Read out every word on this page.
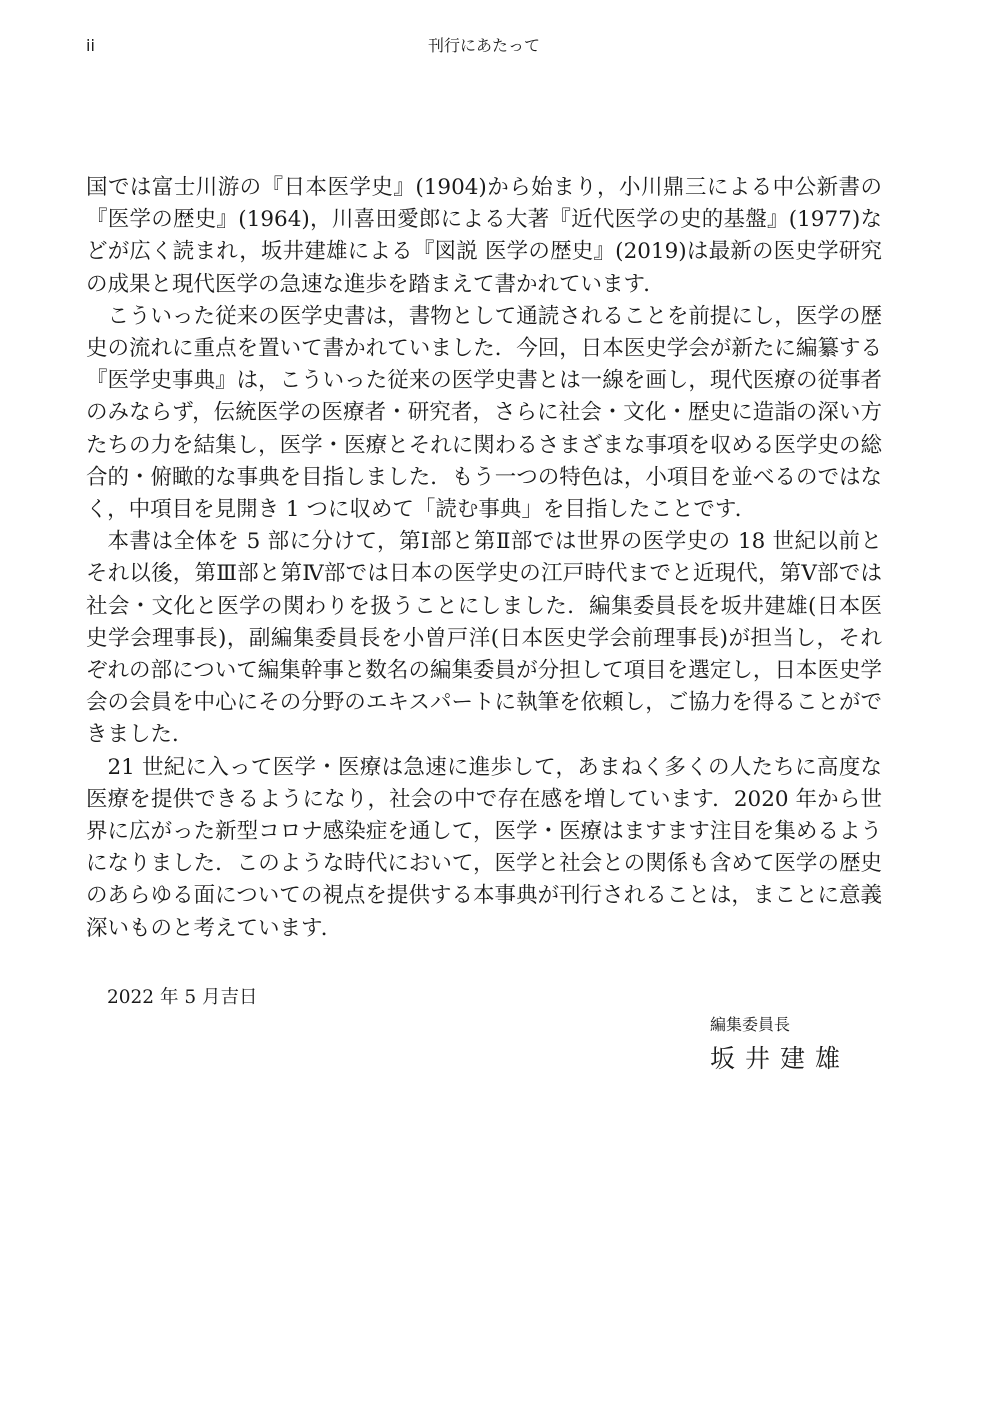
ii	刊行にあたって

国では富士川游の『日本医学史』(1904)から始まり，小川鼎三による中公新書の『医学の歴史』(1964)，川喜田愛郎による大著『近代医学の史的基盤』(1977)などが広く読まれ，坂井建雄による『図説 医学の歴史』(2019)は最新の医史学研究の成果と現代医学の急速な進歩を踏まえて書かれています．

こういった従来の医学史書は，書物として通読されることを前提にし，医学の歴史の流れに重点を置いて書かれていました．今回，日本医史学会が新たに編纂する『医学史事典』は，こういった従来の医学史書とは一線を画し，現代医療の従事者のみならず，伝統医学の医療者・研究者，さらに社会・文化・歴史に造詣の深い方たちの力を結集し，医学・医療とそれに関わるさまざまな事項を収める医学史の総合的・俯瞰的な事典を目指しました．もう一つの特色は，小項目を並べるのではなく，中項目を見開き 1 つに収めて「読む事典」を目指したことです．

本書は全体を 5 部に分けて，第Ⅰ部と第Ⅱ部では世界の医学史の 18 世紀以前とそれ以後，第Ⅲ部と第Ⅳ部では日本の医学史の江戸時代までと近現代，第Ⅴ部では社会・文化と医学の関わりを扱うことにしました．編集委員長を坂井建雄(日本医史学会理事長)，副編集委員長を小曽戸洋(日本医史学会前理事長)が担当し，それぞれの部について編集幹事と数名の編集委員が分担して項目を選定し，日本医史学会の会員を中心にその分野のエキスパートに執筆を依頼し，ご協力を得ることができました．

21 世紀に入って医学・医療は急速に進歩して，あまねく多くの人たちに高度な医療を提供できるようになり，社会の中で存在感を増しています．2020 年から世界に広がった新型コロナ感染症を通して，医学・医療はますます注目を集めるようになりました．このような時代において，医学と社会との関係も含めて医学の歴史のあらゆる面についての視点を提供する本事典が刊行されることは，まことに意義深いものと考えています．

2022 年 5 月吉日

編集委員長

坂井建雄
